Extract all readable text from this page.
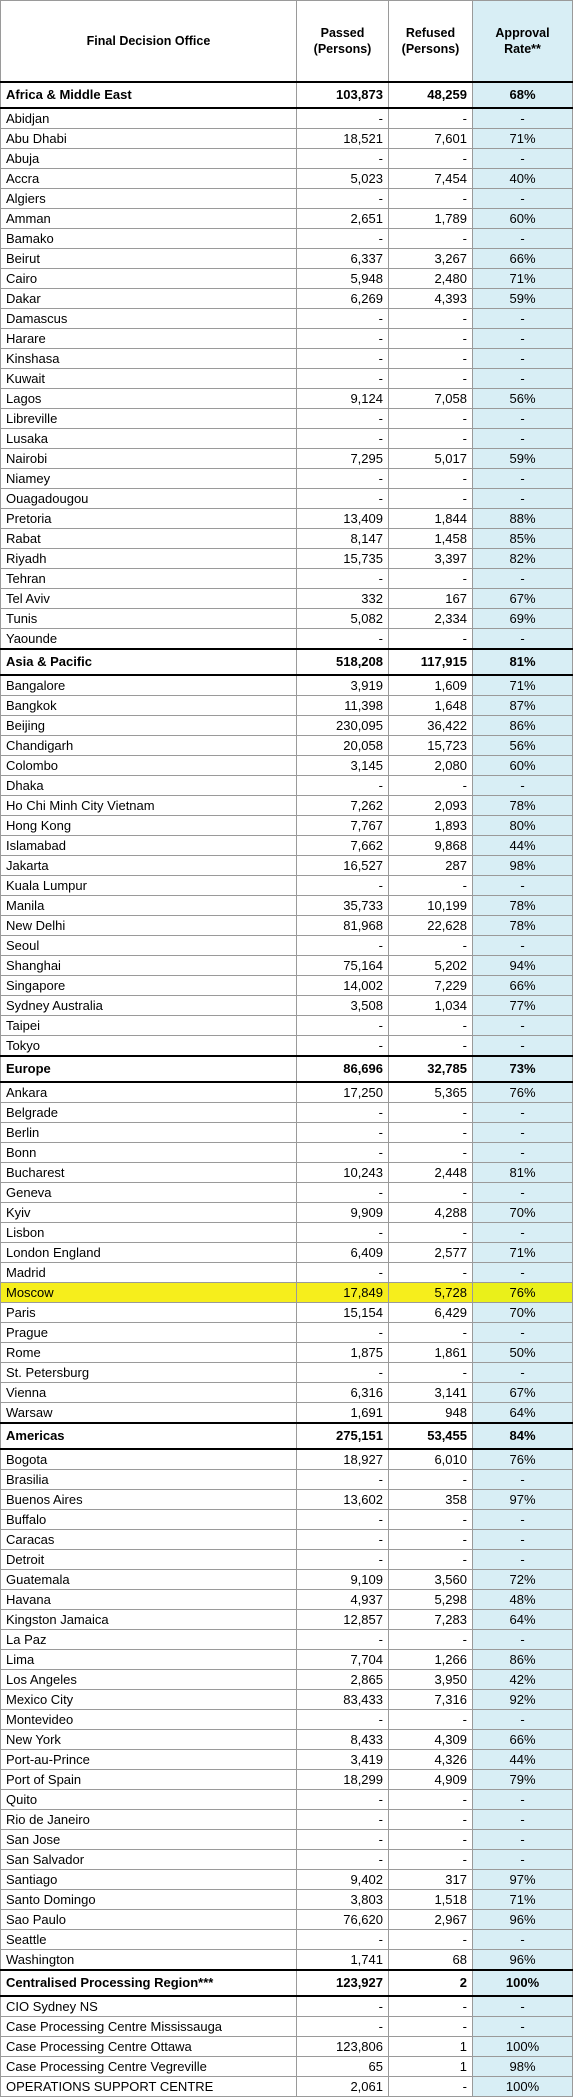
Final Decision Office	Passed (Persons)	Refused (Persons)	Approval Rate**
Africa & Middle East	103,873	48,259	68%
Abidjan	-	-	-
Abu Dhabi	18,521	7,601	71%
Abuja	-	-	-
Accra	5,023	7,454	40%
Algiers	-	-	-
Amman	2,651	1,789	60%
Bamako	-	-	-
Beirut	6,337	3,267	66%
Cairo	5,948	2,480	71%
Dakar	6,269	4,393	59%
Damascus	-	-	-
Harare	-	-	-
Kinshasa	-	-	-
Kuwait	-	-	-
Lagos	9,124	7,058	56%
Libreville	-	-	-
Lusaka	-	-	-
Nairobi	7,295	5,017	59%
Niamey	-	-	-
Ouagadougou	-	-	-
Pretoria	13,409	1,844	88%
Rabat	8,147	1,458	85%
Riyadh	15,735	3,397	82%
Tehran	-	-	-
Tel Aviv	332	167	67%
Tunis	5,082	2,334	69%
Yaounde	-	-	-
Asia & Pacific	518,208	117,915	81%
Bangalore	3,919	1,609	71%
Bangkok	11,398	1,648	87%
Beijing	230,095	36,422	86%
Chandigarh	20,058	15,723	56%
Colombo	3,145	2,080	60%
Dhaka	-	-	-
Ho Chi Minh City Vietnam	7,262	2,093	78%
Hong Kong	7,767	1,893	80%
Islamabad	7,662	9,868	44%
Jakarta	16,527	287	98%
Kuala Lumpur	-	-	-
Manila	35,733	10,199	78%
New Delhi	81,968	22,628	78%
Seoul	-	-	-
Shanghai	75,164	5,202	94%
Singapore	14,002	7,229	66%
Sydney Australia	3,508	1,034	77%
Taipei	-	-	-
Tokyo	-	-	-
Europe	86,696	32,785	73%
Ankara	17,250	5,365	76%
Belgrade	-	-	-
Berlin	-	-	-
Bonn	-	-	-
Bucharest	10,243	2,448	81%
Geneva	-	-	-
Kyiv	9,909	4,288	70%
Lisbon	-	-	-
London England	6,409	2,577	71%
Madrid	-	-	-
Moscow	17,849	5,728	76%
Paris	15,154	6,429	70%
Prague	-	-	-
Rome	1,875	1,861	50%
St. Petersburg	-	-	-
Vienna	6,316	3,141	67%
Warsaw	1,691	948	64%
Americas	275,151	53,455	84%
Bogota	18,927	6,010	76%
Brasilia	-	-	-
Buenos Aires	13,602	358	97%
Buffalo	-	-	-
Caracas	-	-	-
Detroit	-	-	-
Guatemala	9,109	3,560	72%
Havana	4,937	5,298	48%
Kingston Jamaica	12,857	7,283	64%
La Paz	-	-	-
Lima	7,704	1,266	86%
Los Angeles	2,865	3,950	42%
Mexico City	83,433	7,316	92%
Montevideo	-	-	-
New York	8,433	4,309	66%
Port-au-Prince	3,419	4,326	44%
Port of Spain	18,299	4,909	79%
Quito	-	-	-
Rio de Janeiro	-	-	-
San Jose	-	-	-
San Salvador	-	-	-
Santiago	9,402	317	97%
Santo Domingo	3,803	1,518	71%
Sao Paulo	76,620	2,967	96%
Seattle	-	-	-
Washington	1,741	68	96%
Centralised Processing Region***	123,927	2	100%
CIO Sydney NS	-	-	-
Case Processing Centre Mississauga	-	-	-
Case Processing Centre Ottawa	123,806	1	100%
Case Processing Centre Vegreville	65	1	98%
OPERATIONS SUPPORT CENTRE	2,061	-	100%
